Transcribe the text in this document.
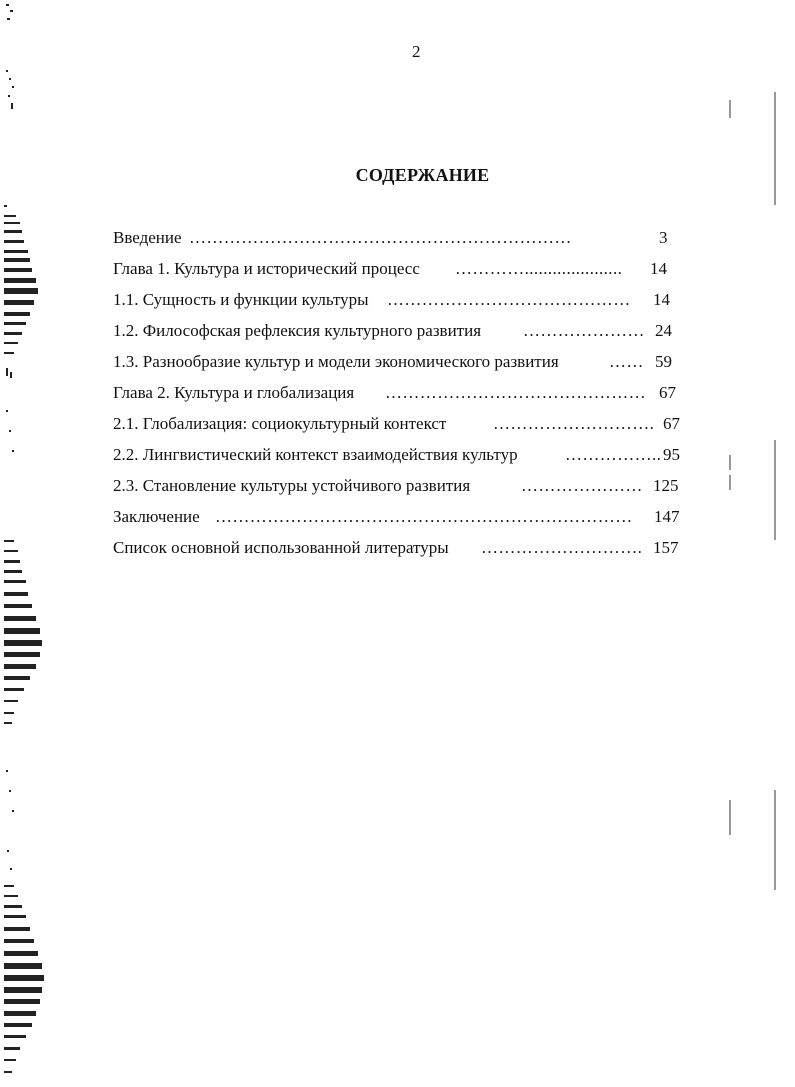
2
СОДЕРЖАНИЕ
Введение …………………………………………………………	3
Глава 1. Культура и исторический процесс ………….....................	14
1.1. Сущность и функции культуры ……………………………………	14
1.2. Философская рефлексия культурного развития ………………… 24
1.3. Разнообразие культур и модели экономического развития	…… 59
Глава 2. Культура и глобализация ……………………………………… 67
2.1. Глобализация: социокультурный контекст	………………………. 67
2.2. Лингвистический контекст взаимодействия культур	…………….. 95
2.3. Становление культуры устойчивого развития	………………… 125
Заключение ………………………………………………………………	147
Список основной использованной литературы ………………………. 157
